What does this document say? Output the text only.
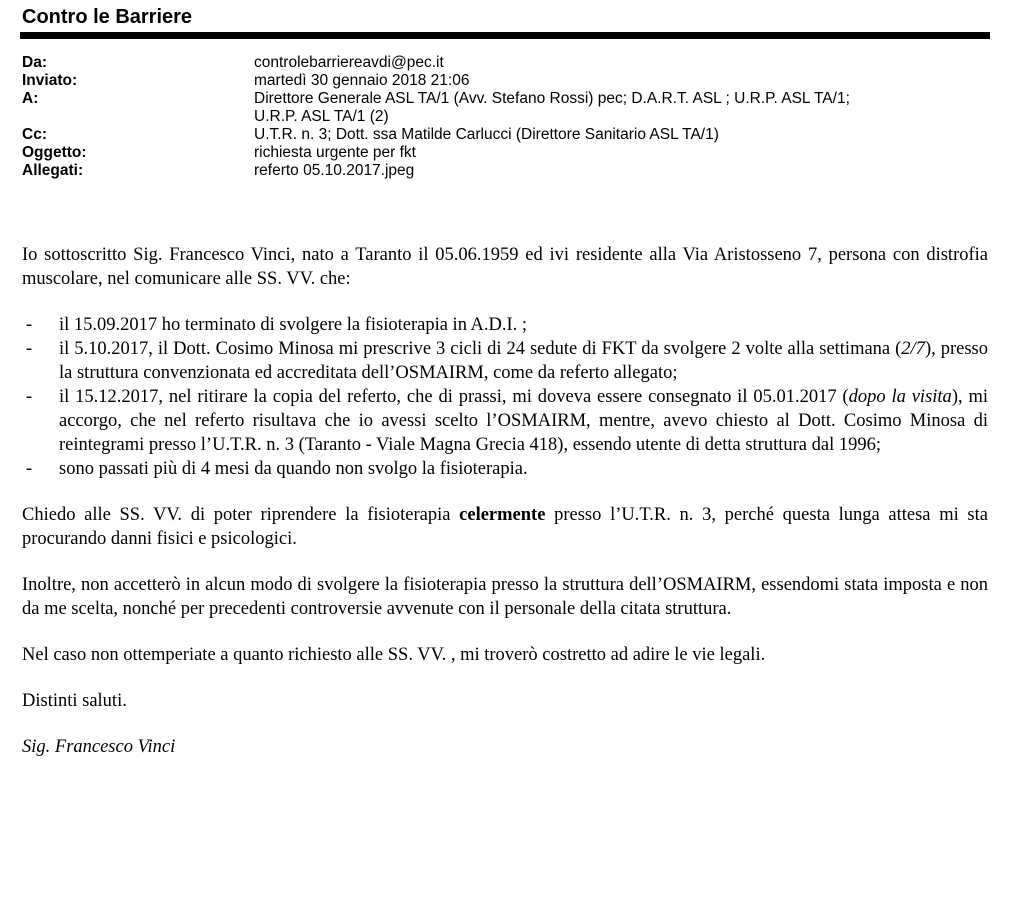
Contro le Barriere
Da:	controlebarriereavdi@pec.it
Inviato:	martedì 30 gennaio 2018 21:06
A:	Direttore Generale ASL TA/1 (Avv. Stefano Rossi) pec; D.A.R.T. ASL ; U.R.P. ASL TA/1;
U.R.P. ASL TA/1 (2)
Cc:	U.T.R. n. 3; Dott. ssa Matilde Carlucci (Direttore Sanitario ASL TA/1)
Oggetto:	richiesta urgente per fkt
Allegati:	referto 05.10.2017.jpeg

Io sottoscritto Sig. Francesco Vinci, nato a Taranto il 05.06.1959 ed ivi residente alla Via Aristosseno 7, persona con distrofia muscolare, nel comunicare alle SS. VV. che:

- il 15.09.2017 ho terminato di svolgere la fisioterapia in A.D.I. ;
- il 5.10.2017, il Dott. Cosimo Minosa mi prescrive 3 cicli di 24 sedute di FKT da svolgere 2 volte alla settimana (2/7), presso la struttura convenzionata ed accreditata dell’OSMAIRM, come da referto allegato;
- il 15.12.2017, nel ritirare la copia del referto, che di prassi, mi doveva essere consegnato il 05.01.2017 (dopo la visita), mi accorgo, che nel referto risultava che io avessi scelto l’OSMAIRM, mentre, avevo chiesto al Dott. Cosimo Minosa di reintegrami presso l’U.T.R. n. 3 (Taranto - Viale Magna Grecia 418), essendo utente di detta struttura dal 1996;
- sono passati più di 4 mesi da quando non svolgo la fisioterapia.

Chiedo alle SS. VV. di poter riprendere la fisioterapia celermente presso l’U.T.R. n. 3, perché questa lunga attesa mi sta procurando danni fisici e psicologici.

Inoltre, non accetterò in alcun modo di svolgere la fisioterapia presso la struttura dell’OSMAIRM, essendomi stata imposta e non da me scelta, nonché per precedenti controversie avvenute con il personale della citata struttura.

Nel caso non ottemperiate a quanto richiesto alle SS. VV. , mi troverò costretto ad adire le vie legali.

Distinti saluti.

Sig. Francesco Vinci
